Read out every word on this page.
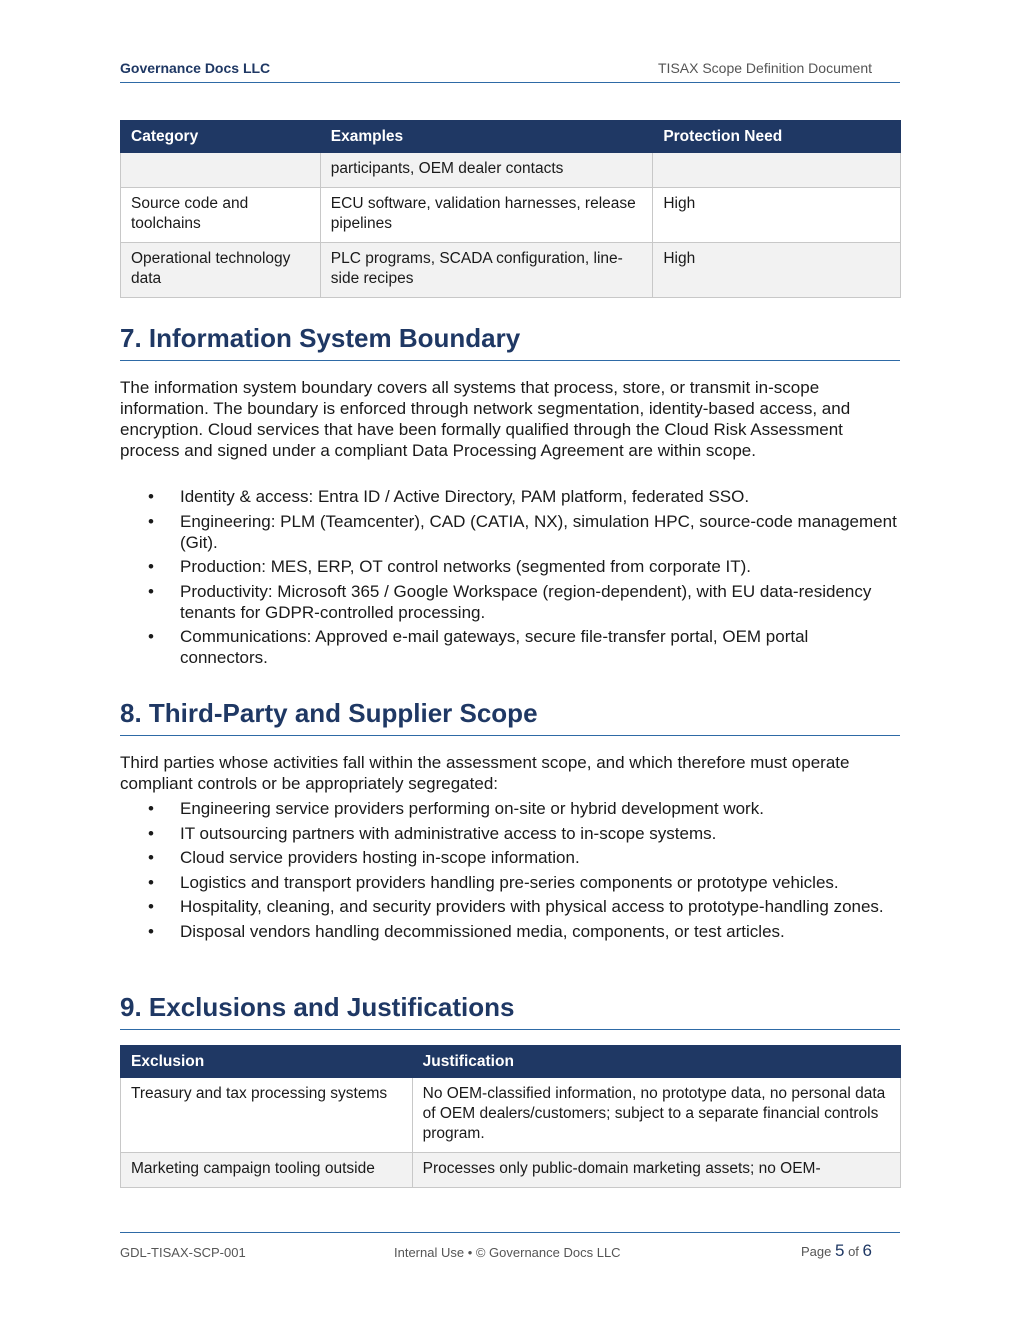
Governance Docs LLC	TISAX Scope Definition Document
Category	Examples	Protection Need
	participants, OEM dealer contacts	
Source code and toolchains	ECU software, validation harnesses, release pipelines	High
Operational technology data	PLC programs, SCADA configuration, line-side recipes	High
7. Information System Boundary

The information system boundary covers all systems that process, store, or transmit in-scope information. The boundary is enforced through network segmentation, identity-based access, and encryption. Cloud services that have been formally qualified through the Cloud Risk Assessment process and signed under a compliant Data Processing Agreement are within scope.

• Identity & access: Entra ID / Active Directory, PAM platform, federated SSO.
• Engineering: PLM (Teamcenter), CAD (CATIA, NX), simulation HPC, source-code management (Git).
• Production: MES, ERP, OT control networks (segmented from corporate IT).
• Productivity: Microsoft 365 / Google Workspace (region-dependent), with EU data-residency tenants for GDPR-controlled processing.
• Communications: Approved e-mail gateways, secure file-transfer portal, OEM portal connectors.
8. Third-Party and Supplier Scope

Third parties whose activities fall within the assessment scope, and which therefore must operate compliant controls or be appropriately segregated:

• Engineering service providers performing on-site or hybrid development work.
• IT outsourcing partners with administrative access to in-scope systems.
• Cloud service providers hosting in-scope information.
• Logistics and transport providers handling pre-series components or prototype vehicles.
• Hospitality, cleaning, and security providers with physical access to prototype-handling zones.
• Disposal vendors handling decommissioned media, components, or test articles.
9. Exclusions and Justifications
Exclusion	Justification
Treasury and tax processing systems	No OEM-classified information, no prototype data, no personal data of OEM dealers/customers; subject to a separate financial controls program.
Marketing campaign tooling outside	Processes only public-domain marketing assets; no OEM-
GDL-TISAX-SCP-001	Internal Use • © Governance Docs LLC	Page 5 of 6
